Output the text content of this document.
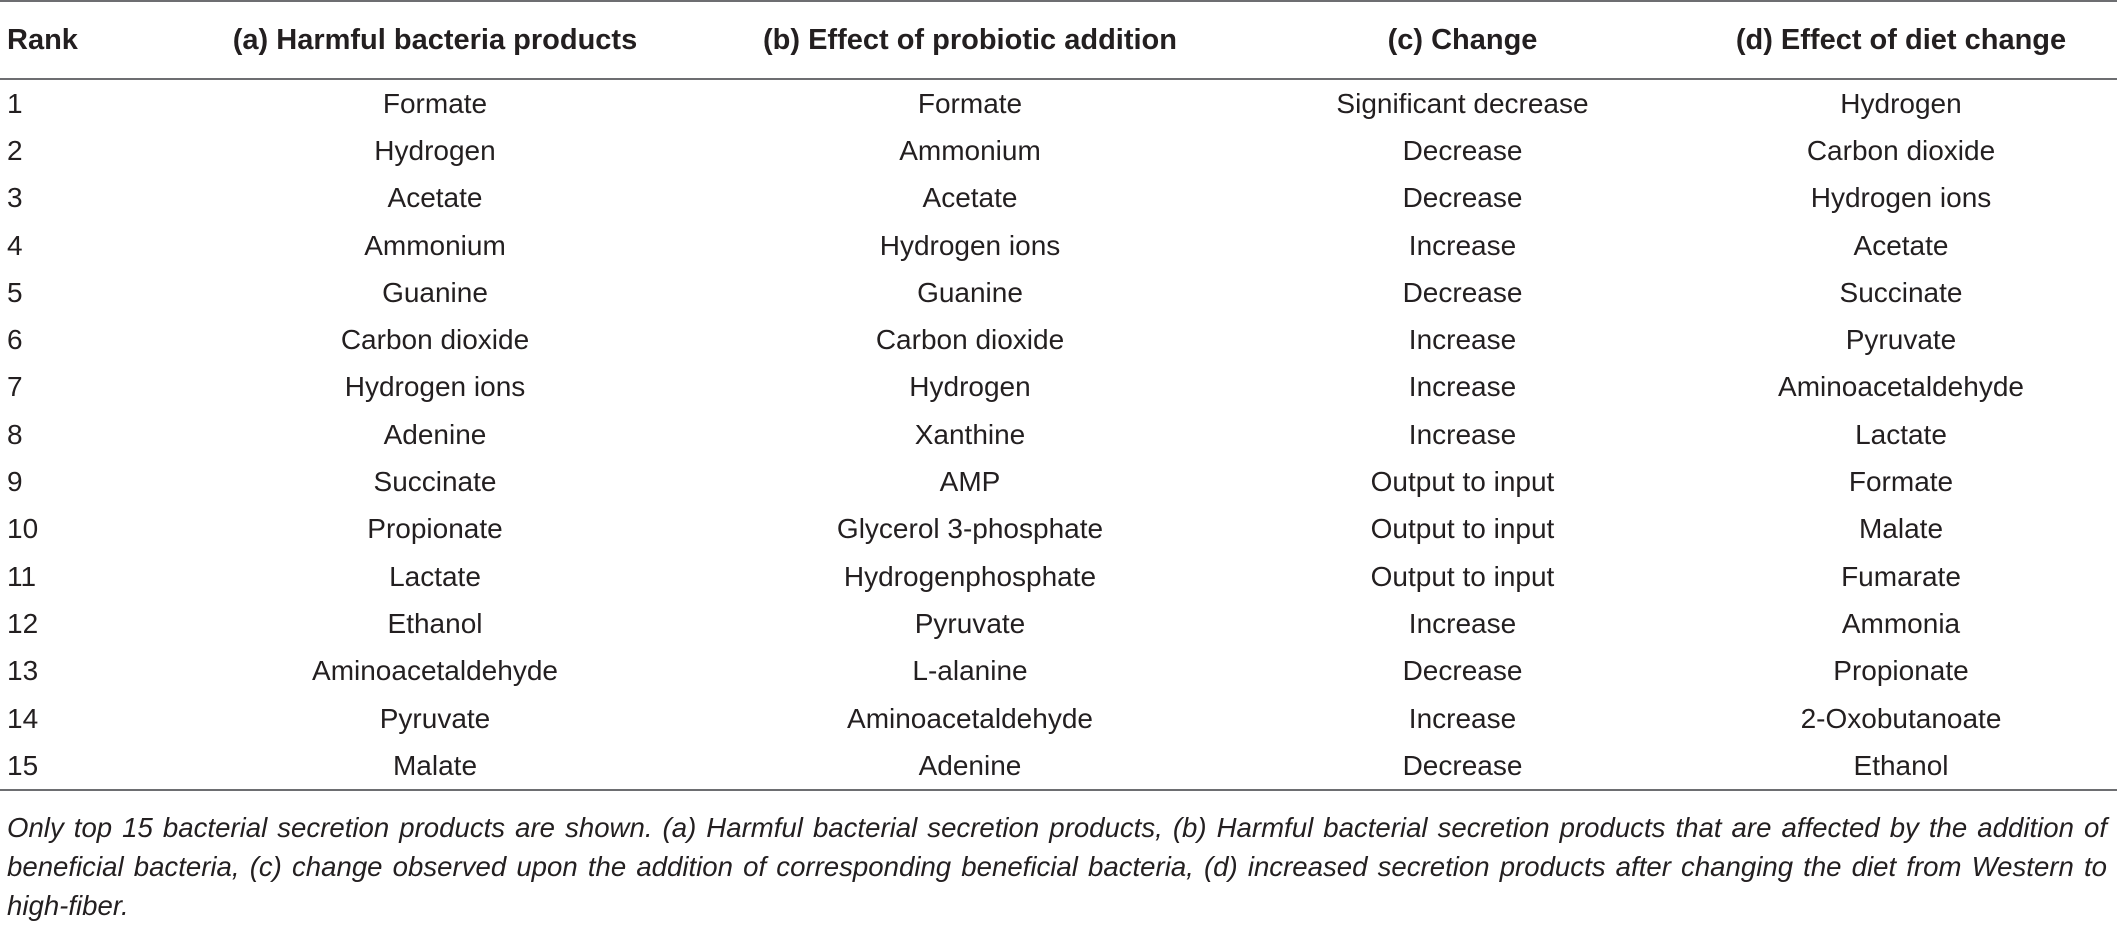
Rank	(a) Harmful bacteria products	(b) Effect of probiotic addition	(c) Change	(d) Effect of diet change
1	Formate	Formate	Significant decrease	Hydrogen
2	Hydrogen	Ammonium	Decrease	Carbon dioxide
3	Acetate	Acetate	Decrease	Hydrogen ions
4	Ammonium	Hydrogen ions	Increase	Acetate
5	Guanine	Guanine	Decrease	Succinate
6	Carbon dioxide	Carbon dioxide	Increase	Pyruvate
7	Hydrogen ions	Hydrogen	Increase	Aminoacetaldehyde
8	Adenine	Xanthine	Increase	Lactate
9	Succinate	AMP	Output to input	Formate
10	Propionate	Glycerol 3-phosphate	Output to input	Malate
11	Lactate	Hydrogenphosphate	Output to input	Fumarate
12	Ethanol	Pyruvate	Increase	Ammonia
13	Aminoacetaldehyde	L-alanine	Decrease	Propionate
14	Pyruvate	Aminoacetaldehyde	Increase	2-Oxobutanoate
15	Malate	Adenine	Decrease	Ethanol
Only top 15 bacterial secretion products are shown. (a) Harmful bacterial secretion products, (b) Harmful bacterial secretion products that are affected by the addition of beneficial bacteria, (c) change observed upon the addition of corresponding beneficial bacteria, (d) increased secretion products after changing the diet from Western to high-fiber.
